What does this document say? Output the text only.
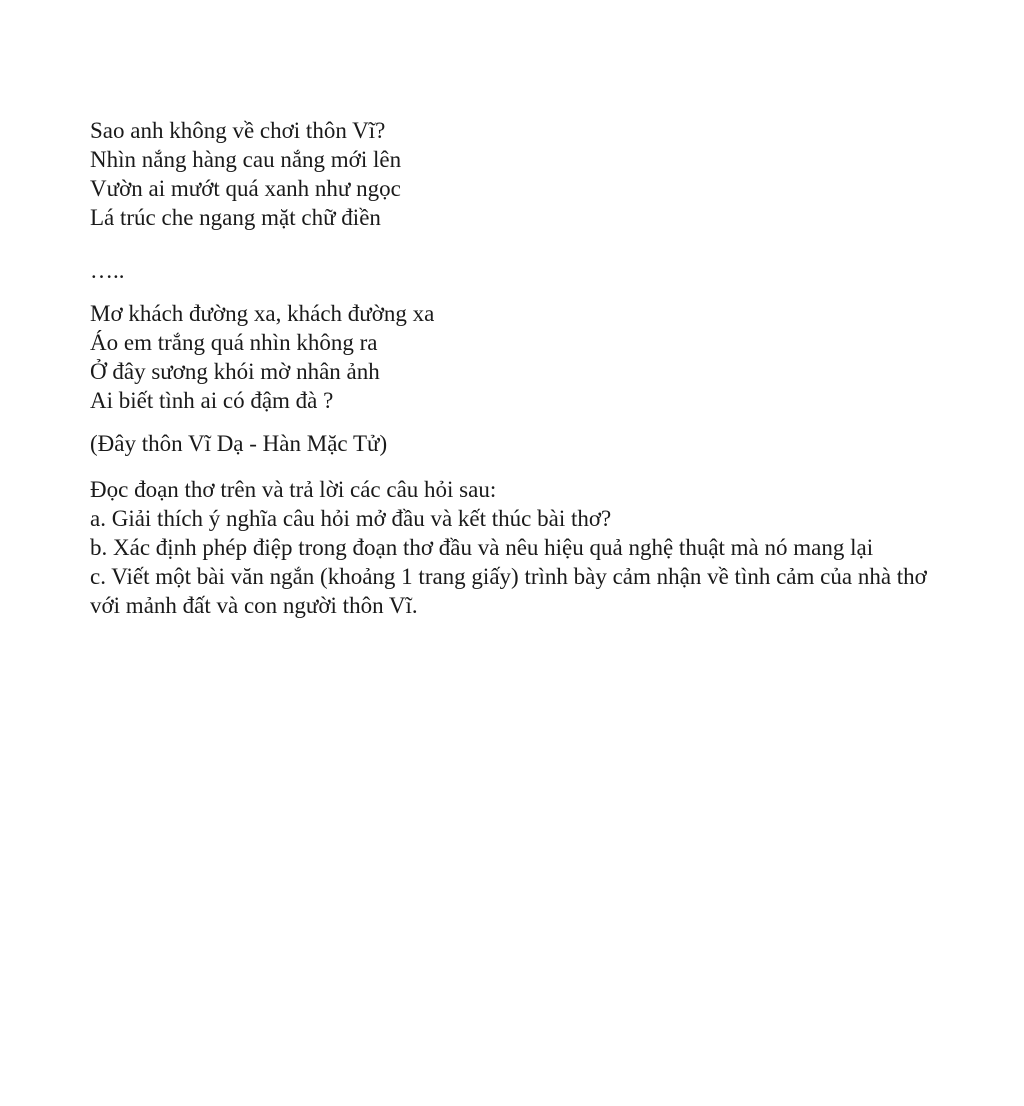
Sao anh không về chơi thôn Vĩ?
Nhìn nắng hàng cau nắng mới lên
Vườn ai mướt quá xanh như ngọc
Lá trúc che ngang mặt chữ điền
…..
Mơ khách đường xa, khách đường xa
Áo em trắng quá nhìn không ra
Ở đây sương khói mờ nhân ảnh
Ai biết tình ai có đậm đà ?
(Đây thôn Vĩ Dạ - Hàn Mặc Tử)
Đọc đoạn thơ trên và trả lời các câu hỏi sau:
a. Giải thích ý nghĩa câu hỏi mở đầu và kết thúc bài thơ?
b. Xác định phép điệp trong đoạn thơ đầu và nêu hiệu quả nghệ thuật mà nó mang lại
c. Viết một bài văn ngắn (khoảng 1 trang giấy) trình bày cảm nhận về tình cảm của nhà thơ với mảnh đất và con người thôn Vĩ.
